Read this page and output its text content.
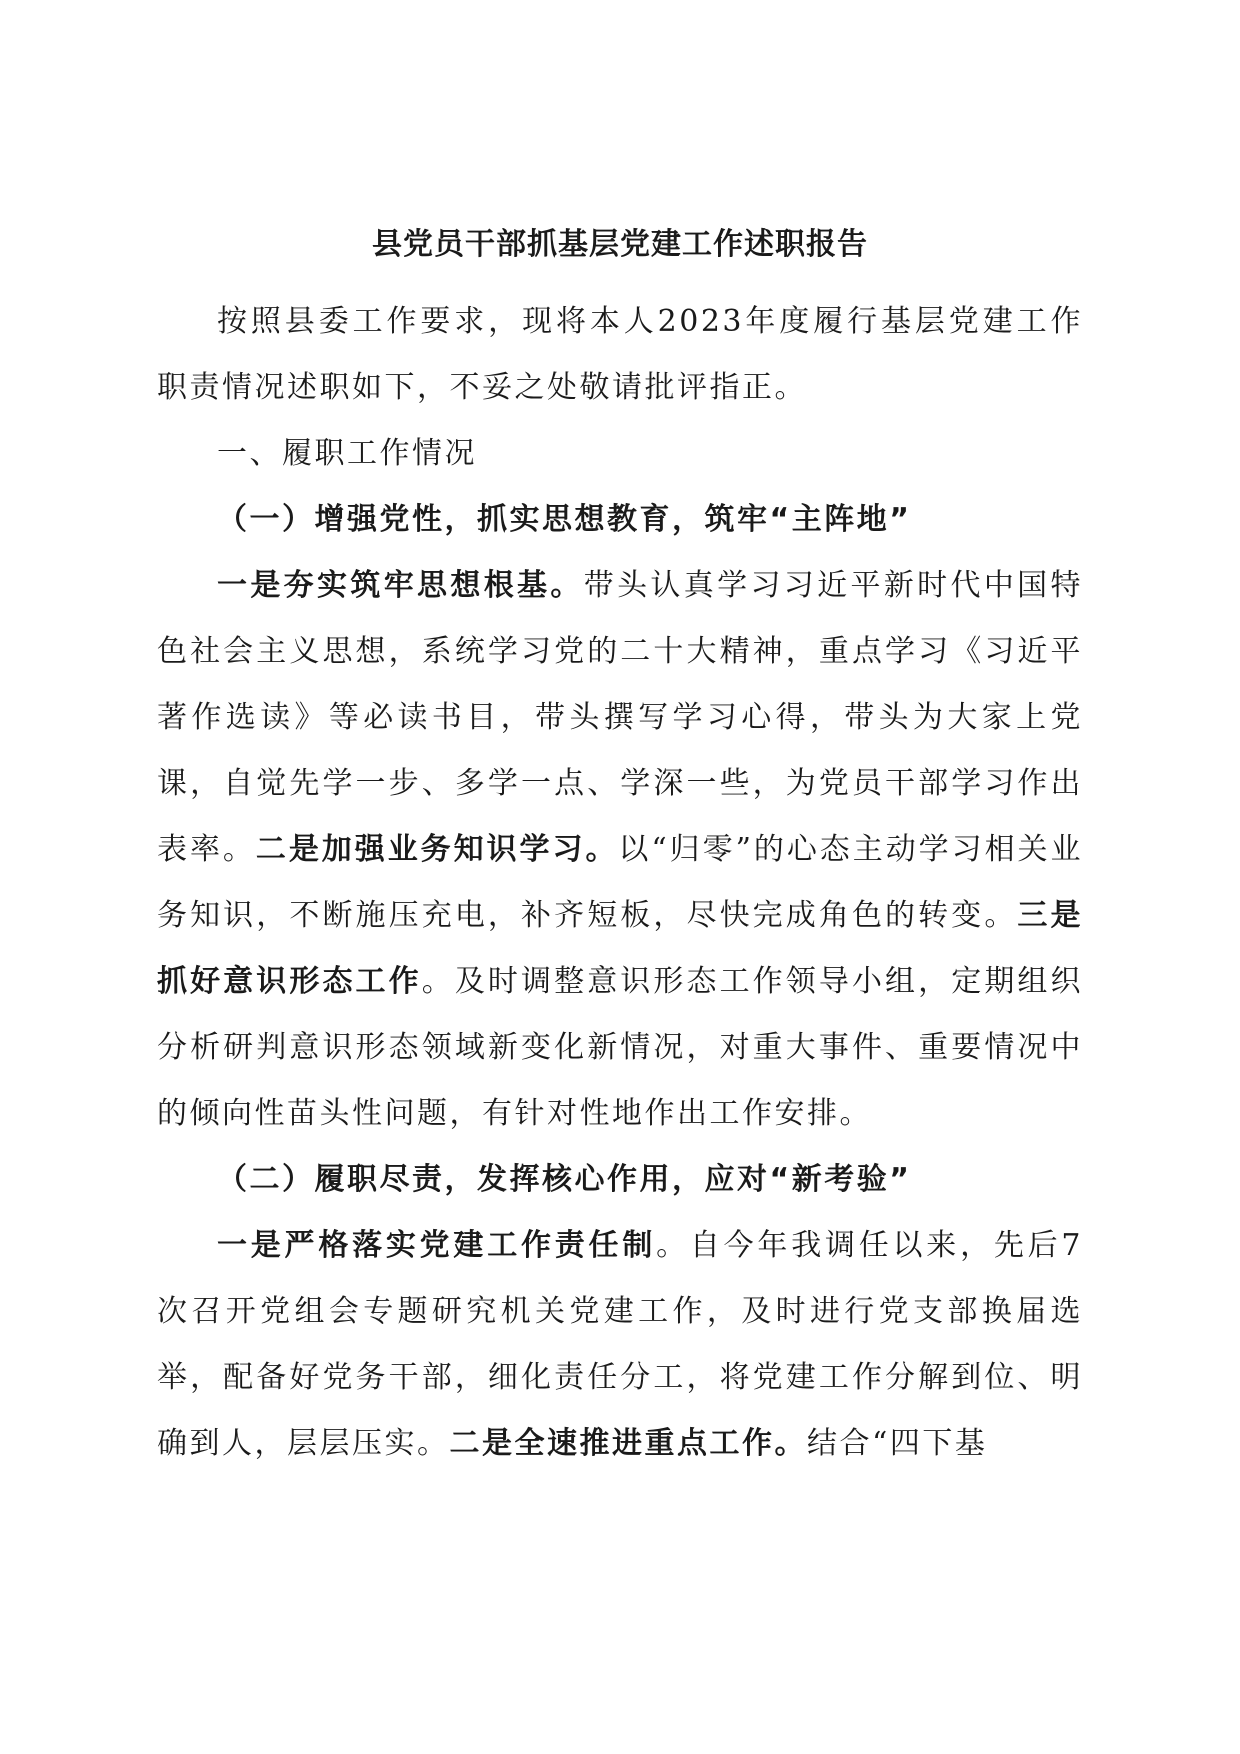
县党员干部抓基层党建工作述职报告

按照县委工作要求，现将本人2023年度履行基层党建工作职责情况述职如下，不妥之处敬请批评指正。

一、履职工作情况

（一）增强党性，抓实思想教育，筑牢“主阵地”

一是夯实筑牢思想根基。带头认真学习习近平新时代中国特色社会主义思想，系统学习党的二十大精神，重点学习《习近平著作选读》等必读书目，带头撰写学习心得，带头为大家上党课，自觉先学一步、多学一点、学深一些，为党员干部学习作出表率。二是加强业务知识学习。以“归零”的心态主动学习相关业务知识，不断施压充电，补齐短板，尽快完成角色的转变。三是抓好意识形态工作。及时调整意识形态工作领导小组，定期组织分析研判意识形态领域新变化新情况，对重大事件、重要情况中的倾向性苗头性问题，有针对性地作出工作安排。

（二）履职尽责，发挥核心作用，应对“新考验”

一是严格落实党建工作责任制。自今年我调任以来，先后7次召开党组会专题研究机关党建工作，及时进行党支部换届选举，配备好党务干部，细化责任分工，将党建工作分解到位、明确到人，层层压实。二是全速推进重点工作。结合“四下基
